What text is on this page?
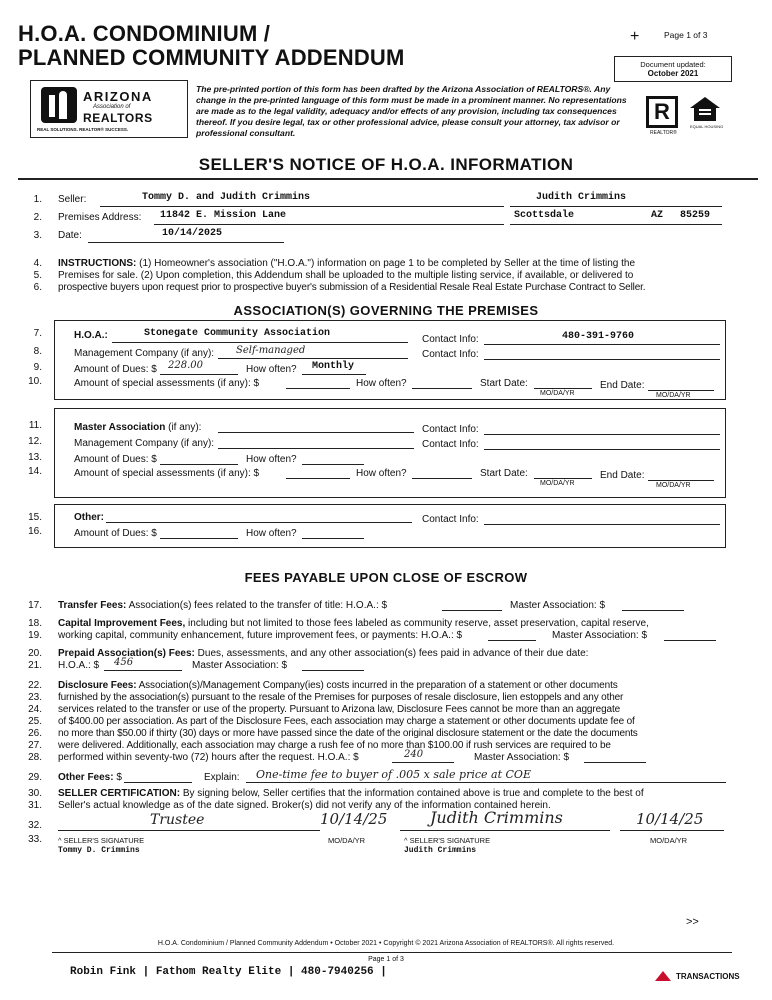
H.O.A. CONDOMINIUM /
PLANNED COMMUNITY ADDENDUM
+	Page 1 of 3
Document updated:
October 2021
ARIZONA
Association of
REALTORS
REAL SOLUTIONS. REALTOR® SUCCESS.
The pre-printed portion of this form has been drafted by the Arizona Association of REALTORS®. Any change in the pre-printed language of this form must be made in a prominent manner. No representations are made as to the legal validity, adequacy and/or effects of any provision, including tax consequences thereof. If you desire legal, tax or other professional advice, please consult your attorney, tax advisor or professional consultant.
R
REALTOR®
EQUAL HOUSING
SELLER'S NOTICE OF H.O.A. INFORMATION
1. Seller:	Tommy D. and Judith Crimmins	Judith Crimmins
2. Premises Address: 11842 E. Mission Lane	Scottsdale	AZ 85259
3. Date:	10/14/2025
4.
5.
6.
INSTRUCTIONS: (1) Homeowner's association ("H.O.A.") information on page 1 to be completed by Seller at the time of listing the
Premises for sale. (2) Upon completion, this Addendum shall be uploaded to the multiple listing service, if available, or delivered to
prospective buyers upon request prior to prospective buyer's submission of a Residential Resale Real Estate Purchase Contract to Seller.
ASSOCIATION(S) GOVERNING THE PREMISES
7.
8.
9.
10.
H.O.A.:	Stonegate Community Association
Contact Info:	480-391-9760
Management Company (if any): Self-managed	Contact Info:
Amount of Dues: $ 228.00	How often? Monthly
Amount of special assessments (if any): $	How often?	Start Date:
MO/DA/YR
End Date:
MO/DA/YR
11.
12.
13.
14.
Master Association (if any):	Contact Info:
Management Company (if any):	Contact Info:
Amount of Dues: $	How often?
Amount of special assessments (if any): $	How often?	Start Date:
MO/DA/YR
End Date:
MO/DA/YR
15.
16.
Other:	Contact Info:
Amount of Dues: $	How often?
FEES PAYABLE UPON CLOSE OF ESCROW
17. Transfer Fees: Association(s) fees related to the transfer of title: H.O.A.: $	Master Association: $
18. Capital Improvement Fees, including but not limited to those fees labeled as community reserve, asset preservation, capital reserve,
19. working capital, community enhancement, future improvement fees, or payments: H.O.A.: $	Master Association: $
20. Prepaid Association(s) Fees: Dues, assessments, and any other association(s) fees paid in advance of their due date:
21. H.O.A.: $ 456	Master Association: $
22.
23.
24.
25.
26.
27.
28.
Disclosure Fees: Association(s)/Management Company(ies) costs incurred in the preparation of a statement or other documents
furnished by the association(s) pursuant to the resale of the Premises for purposes of resale disclosure, lien estoppels and any other
services related to the transfer or use of the property. Pursuant to Arizona law, Disclosure Fees cannot be more than an aggregate
of $400.00 per association. As part of the Disclosure Fees, each association may charge a statement or other documents update fee of
no more than $50.00 if thirty (30) days or more have passed since the date of the original disclosure statement or the date the documents
were delivered. Additionally, each association may charge a rush fee of no more than $100.00 if rush services are required to be
performed within seventy-two (72) hours after the request. H.O.A.: $	240	Master Association: $
29. Other Fees: $	Explain: One-time fee to buyer of .005 x sale price at COE
30. SELLER CERTIFICATION: By signing below, Seller certifies that the information contained above is true and complete to the best of
31. Seller's actual knowledge as of the date signed. Broker(s) did not verify any of the information contained herein.
32.
33.
Trustee	10/14/25	Judith Crimmins	10/14/25
^ SELLER'S SIGNATURE
Tommy D. Crimmins
MO/DA/YR	^ SELLER'S SIGNATURE
Judith Crimmins
MO/DA/YR
>>
H.O.A. Condominium / Planned Community Addendum • October 2021 • Copyright © 2021 Arizona Association of REALTORS®. All rights reserved.
Page 1 of 3
Robin Fink | Fathom Realty Elite | 480-7940256 |	TRANSACTIONS
